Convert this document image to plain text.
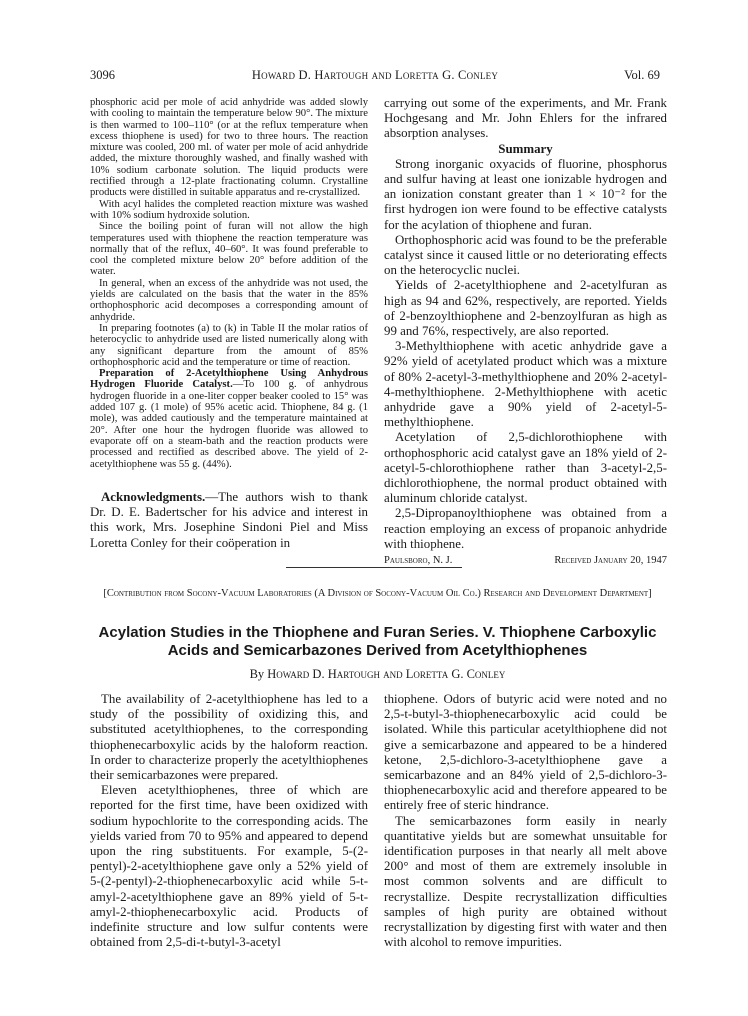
3096	Howard D. Hartough and Loretta G. Conley	Vol. 69

phosphoric acid per mole of acid anhydride was added slowly with cooling to maintain the temperature below 90°. The mixture is then warmed to 100–110° (or at the reflux temperature when excess thiophene is used) for two to three hours. The reaction mixture was cooled, 200 ml. of water per mole of acid anhydride added, the mixture thoroughly washed, and finally washed with 10% sodium carbonate solution. The liquid products were rectified through a 12-plate fractionating column. Crystalline products were distilled in suitable apparatus and re-crystallized.

With acyl halides the completed reaction mixture was washed with 10% sodium hydroxide solution.

Since the boiling point of furan will not allow the high temperatures used with thiophene the reaction temperature was normally that of the reflux, 40–60°. It was found preferable to cool the completed mixture below 20° before addition of the water.

In general, when an excess of the anhydride was not used, the yields are calculated on the basis that the water in the 85% orthophosphoric acid decomposes a corresponding amount of anhydride.

In preparing footnotes (a) to (k) in Table II the molar ratios of heterocyclic to anhydride used are listed numerically along with any significant departure from the amount of 85% orthophosphoric acid and the temperature or time of reaction.

Preparation of 2-Acetylthiophene Using Anhydrous Hydrogen Fluoride Catalyst.—To 100 g. of anhydrous hydrogen fluoride in a one-liter copper beaker cooled to 15° was added 107 g. (1 mole) of 95% acetic acid. Thiophene, 84 g. (1 mole), was added cautiously and the temperature maintained at 20°. After one hour the hydrogen fluoride was allowed to evaporate off on a steam-bath and the reaction products were processed and rectified as described above. The yield of 2-acetylthiophene was 55 g. (44%).

Acknowledgments.—The authors wish to thank Dr. D. E. Badertscher for his advice and interest in this work, Mrs. Josephine Sindoni Piel and Miss Loretta Conley for their coöperation in

carrying out some of the experiments, and Mr. Frank Hochgesang and Mr. John Ehlers for the infrared absorption analyses.

Summary

Strong inorganic oxyacids of fluorine, phosphorus and sulfur having at least one ionizable hydrogen and an ionization constant greater than 1 × 10⁻² for the first hydrogen ion were found to be effective catalysts for the acylation of thiophene and furan.

Orthophosphoric acid was found to be the preferable catalyst since it caused little or no deteriorating effects on the heterocyclic nuclei.

Yields of 2-acetylthiophene and 2-acetylfuran as high as 94 and 62%, respectively, are reported. Yields of 2-benzoylthiophene and 2-benzoylfuran as high as 99 and 76%, respectively, are also reported.

3-Methylthiophene with acetic anhydride gave a 92% yield of acetylated product which was a mixture of 80% 2-acetyl-3-methylthiophene and 20% 2-acetyl-4-methylthiophene. 2-Methylthiophene with acetic anhydride gave a 90% yield of 2-acetyl-5-methylthiophene.

Acetylation of 2,5-dichlorothiophene with orthophosphoric acid catalyst gave an 18% yield of 2-acetyl-5-chlorothiophene rather than 3-acetyl-2,5-dichlorothiophene, the normal product obtained with aluminum chloride catalyst.

2,5-Dipropanoylthiophene was obtained from a reaction employing an excess of propanoic anhydride with thiophene.

Paulsboro, N. J.	Received January 20, 1947
[Contribution from Socony-Vacuum Laboratories (A Division of Socony-Vacuum Oil Co.) Research and Development Department]
Acylation Studies in the Thiophene and Furan Series. V. Thiophene Carboxylic Acids and Semicarbazones Derived from Acetylthiophenes
By Howard D. Hartough and Loretta G. Conley

The availability of 2-acetylthiophene has led to a study of the possibility of oxidizing this, and substituted acetylthiophenes, to the corresponding thiophenecarboxylic acids by the haloform reaction. In order to characterize properly the acetylthiophenes their semicarbazones were prepared.

Eleven acetylthiophenes, three of which are reported for the first time, have been oxidized with sodium hypochlorite to the corresponding acids. The yields varied from 70 to 95% and appeared to depend upon the ring substituents. For example, 5-(2-pentyl)-2-acetylthiophene gave only a 52% yield of 5-(2-pentyl)-2-thiophenecarboxylic acid while 5-t-amyl-2-acetylthiophene gave an 89% yield of 5-t-amyl-2-thiophenecarboxylic acid. Products of indefinite structure and low sulfur contents were obtained from 2,5-di-t-butyl-3-acetyl

thiophene. Odors of butyric acid were noted and no 2,5-t-butyl-3-thiophenecarboxylic acid could be isolated. While this particular acetylthiophene did not give a semicarbazone and appeared to be a hindered ketone, 2,5-dichloro-3-acetylthiophene gave a semicarbazone and an 84% yield of 2,5-dichloro-3-thiophenecarboxylic acid and therefore appeared to be entirely free of steric hindrance.

The semicarbazones form easily in nearly quantitative yields but are somewhat unsuitable for identification purposes in that nearly all melt above 200° and most of them are extremely insoluble in most common solvents and are difficult to recrystallize. Despite recrystallization difficulties samples of high purity are obtained without recrystallization by digesting first with water and then with alcohol to remove impurities.
